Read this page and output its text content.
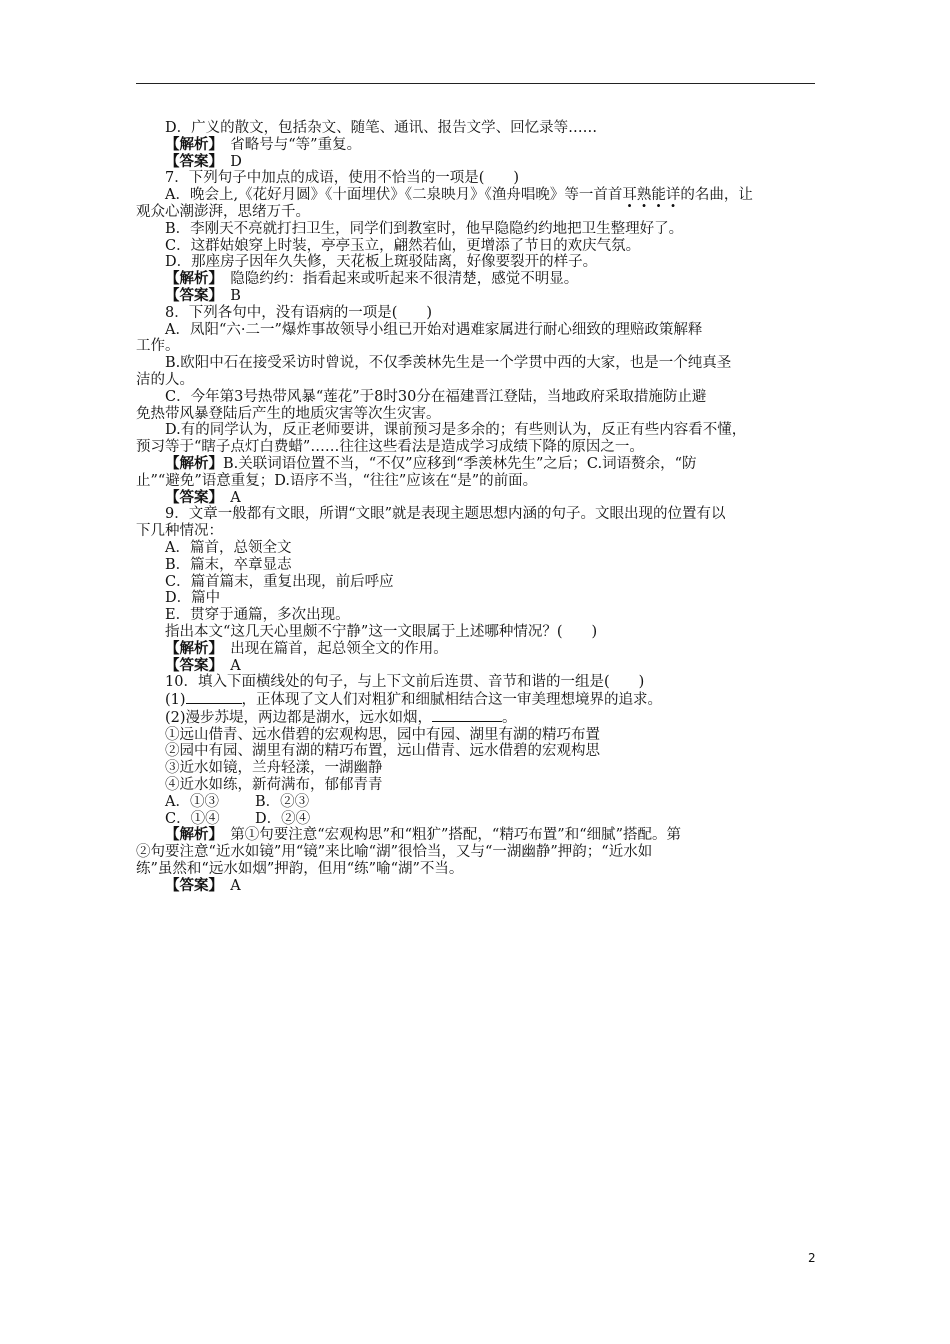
D．广义的散文，包括杂文、随笔、通讯、报告文学、回忆录等……
【解析】　省略号与“等”重复。
【答案】　D
7．下列句子中加点的成语，使用不恰当的一项是(　　)
A．晚会上,《花好月圆》《十面埋伏》《二泉映月》《渔舟唱晚》等一首首耳熟能详的名曲，让
观众心潮澎湃，思绪万千。
B．李刚天不亮就打扫卫生，同学们到教室时，他早隐隐约约地把卫生整理好了。
C．这群姑娘穿上时装，亭亭玉立，翩然若仙，更增添了节日的欢庆气氛。
D．那座房子因年久失修，天花板上斑驳陆离，好像要裂开的样子。
【解析】　隐隐约约：指看起来或听起来不很清楚，感觉不明显。
【答案】　B
8．下列各句中，没有语病的一项是(　　)
A．凤阳“六·二一”爆炸事故领导小组已开始对遇难家属进行耐心细致的理赔政策解释
工作。
B.欧阳中石在接受采访时曾说，不仅季羡林先生是一个学贯中西的大家，也是一个纯真圣
洁的人。
C．今年第3号热带风暴“莲花”于8时30分在福建晋江登陆，当地政府采取措施防止避
免热带风暴登陆后产生的地质灾害等次生灾害。
D.有的同学认为，反正老师要讲，课前预习是多余的；有些则认为，反正有些内容看不懂，
预习等于“瞎子点灯白费蜡”……往往这些看法是造成学习成绩下降的原因之一。
【解析】B.关联词语位置不当，“不仅”应移到“季羡林先生”之后；C.词语赘余，“防
止”“避免”语意重复；D.语序不当，“往往”应该在“是”的前面。
【答案】　A
9．文章一般都有文眼，所谓“文眼”就是表现主题思想内涵的句子。文眼出现的位置有以
下几种情况：
A．篇首，总领全文
B．篇末，卒章显志
C．篇首篇末，重复出现，前后呼应
D．篇中
E．贯穿于通篇，多次出现。
指出本文“这几天心里颇不宁静”这一文眼属于上述哪种情况？(　　)
【解析】　出现在篇首，起总领全文的作用。
【答案】　A
10．填入下面横线处的句子，与上下文前后连贯、音节和谐的一组是(　　)
(1)	，正体现了文人们对粗犷和细腻相结合这一审美理想境界的追求。
(2)漫步苏堤，两边都是湖水，远水如烟，	。
①远山借青、远水借碧的宏观构思，园中有园、湖里有湖的精巧布置
②园中有园、湖里有湖的精巧布置，远山借青、远水借碧的宏观构思
③近水如镜，兰舟轻漾，一湖幽静
④近水如练，新荷满布，郁郁青青
A．①③ B．②③
C．①④ D．②④
【解析】　第①句要注意“宏观构思”和“粗犷”搭配，“精巧布置”和“细腻”搭配。第
②句要注意“近水如镜”用“镜”来比喻“湖”很恰当，又与“一湖幽静”押韵；“近水如
练”虽然和“远水如烟”押韵，但用“练”喻“湖”不当。
【答案】　A
2
